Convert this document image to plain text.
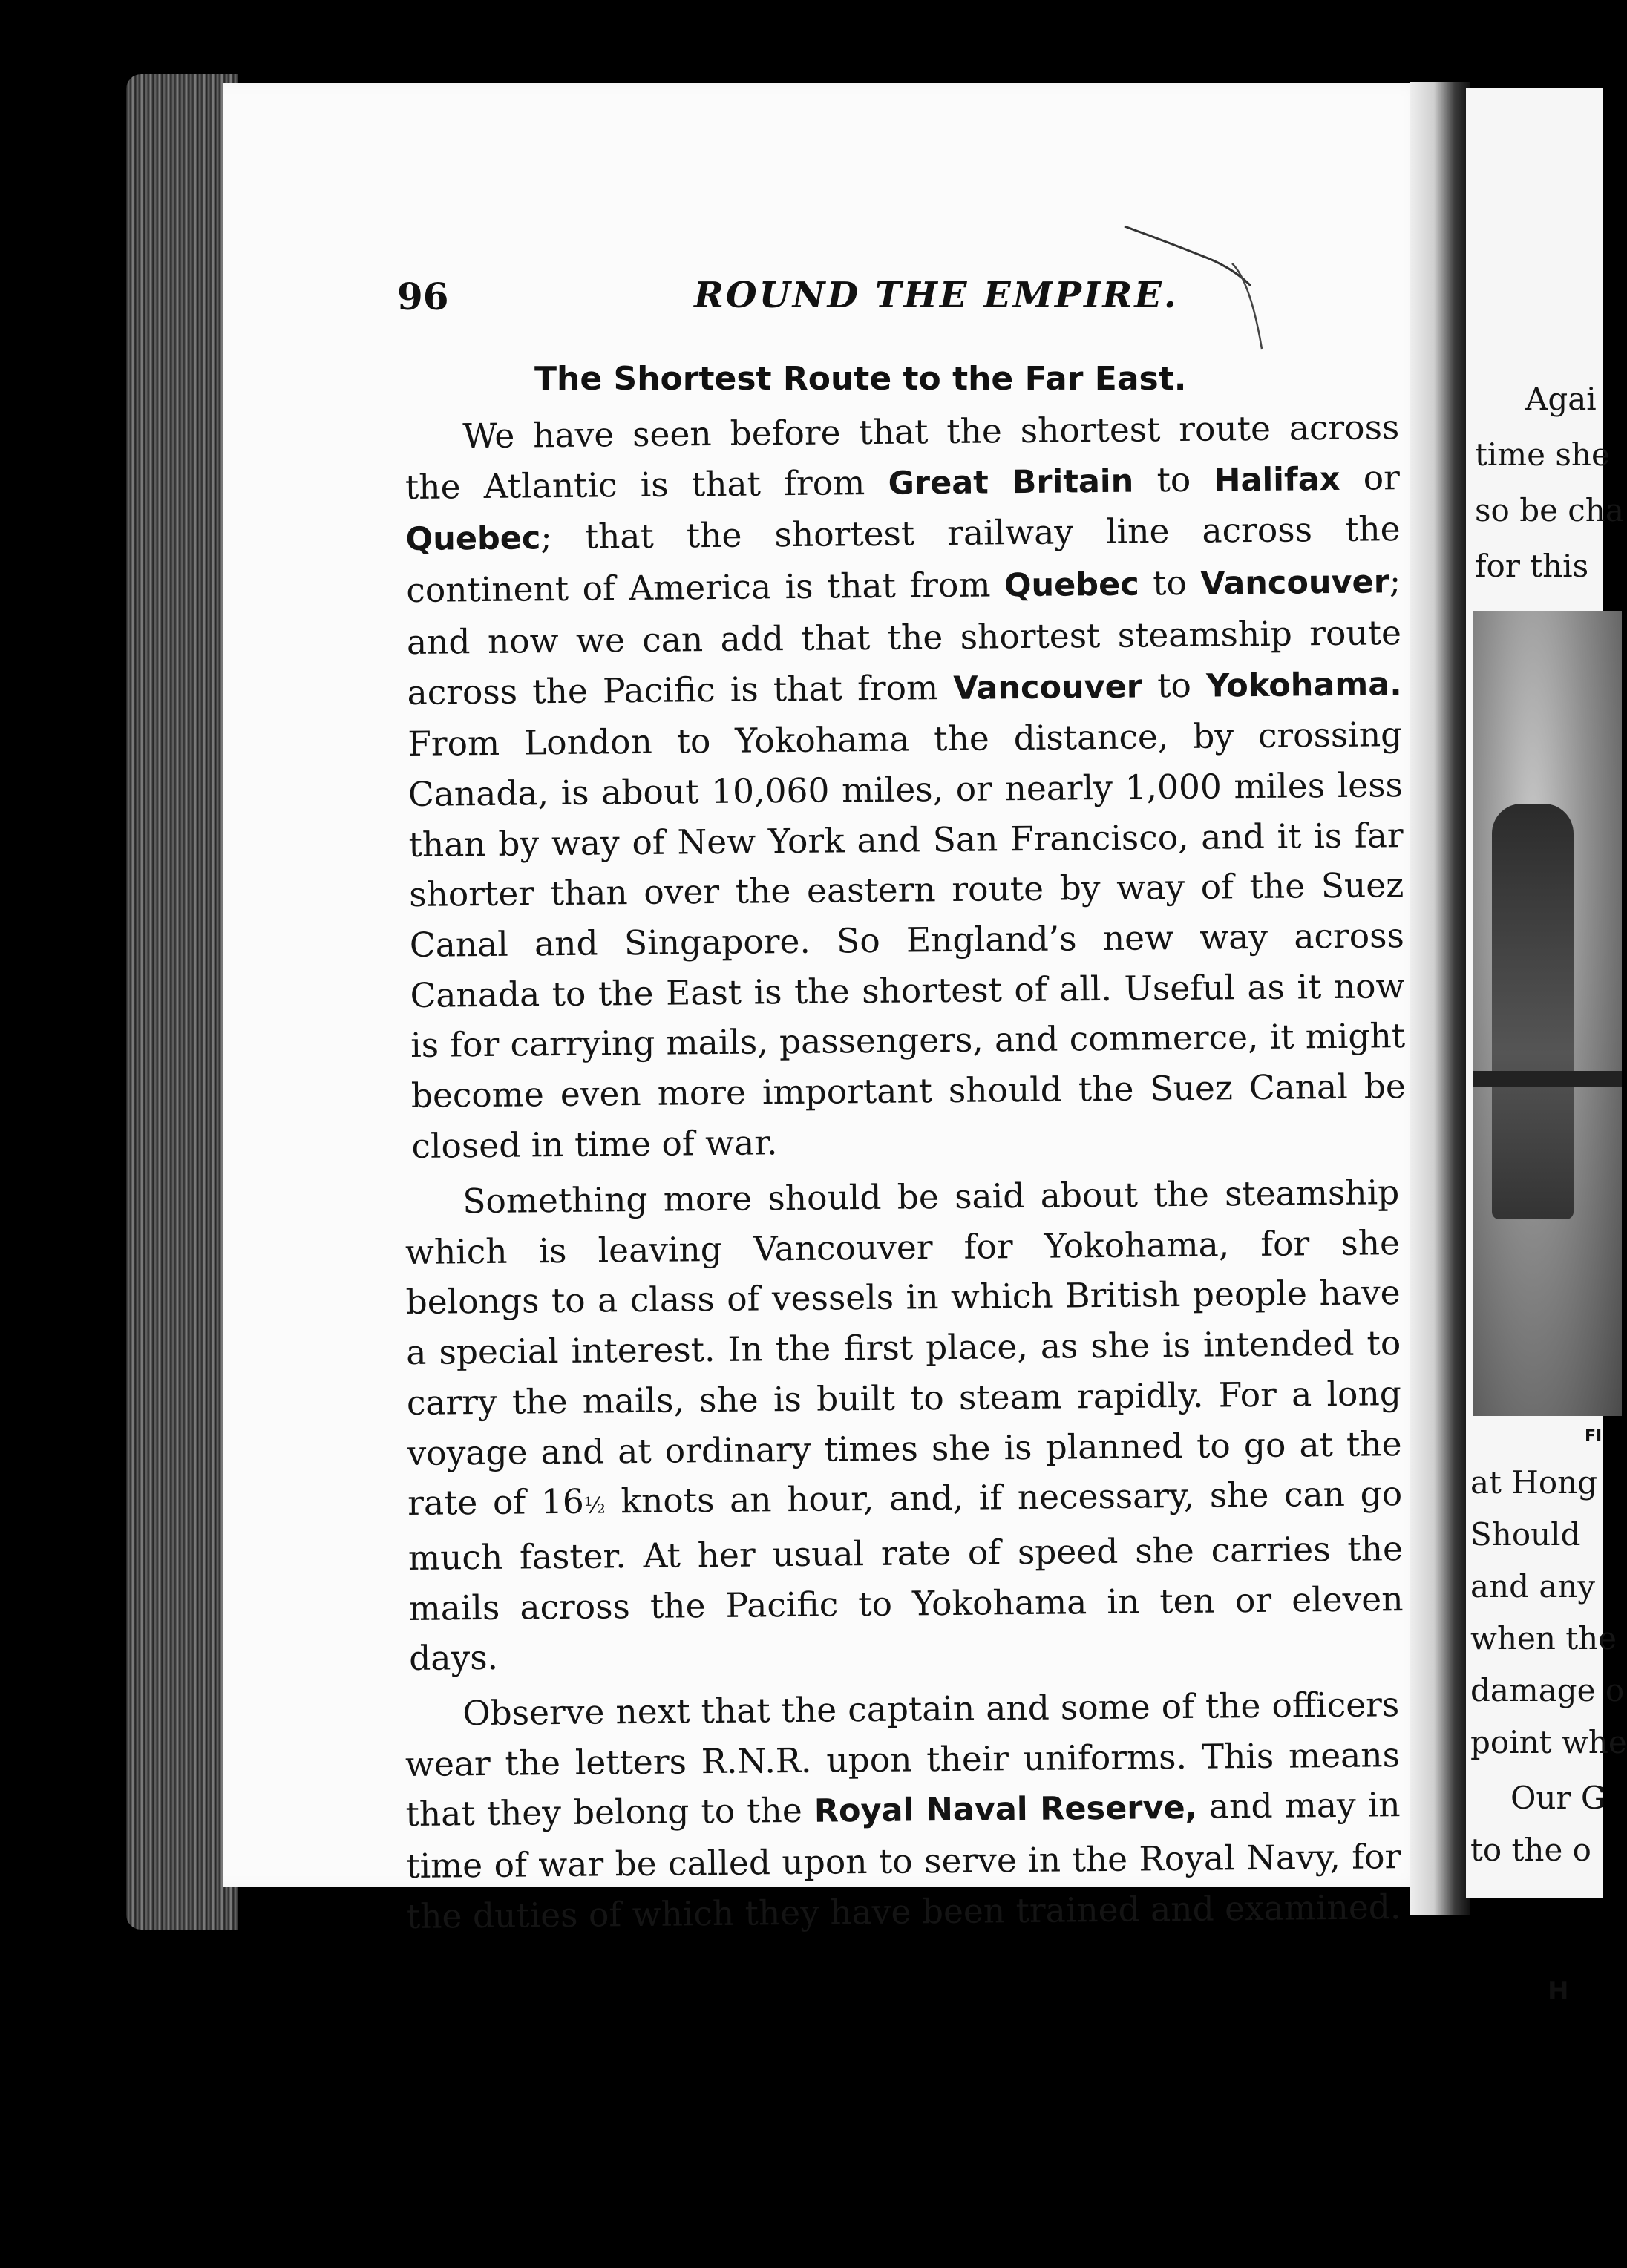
96	ROUND THE EMPIRE.
The Shortest Route to the Far East.

We have seen before that the shortest route across the Atlantic is that from Great Britain to Halifax or Quebec; that the shortest railway line across the continent of America is that from Quebec to Vancouver; and now we can add that the shortest steamship route across the Pacific is that from Vancouver to Yokohama. From London to Yokohama the distance, by crossing Canada, is about 10,060 miles, or nearly 1,000 miles less than by way of New York and San Francisco, and it is far shorter than over the eastern route by way of the Suez Canal and Singapore. So England’s new way across Canada to the East is the shortest of all. Useful as it now is for carrying mails, passengers, and commerce, it might become even more important should the Suez Canal be closed in time of war.

Something more should be said about the steamship which is leaving Vancouver for Yokohama, for she belongs to a class of vessels in which British people have a special interest. In the first place, as she is intended to carry the mails, she is built to steam rapidly. For a long voyage and at ordinary times she is planned to go at the rate of 16½ knots an hour, and, if necessary, she can go much faster. At her usual rate of speed she carries the mails across the Pacific to Yokohama in ten or eleven days.

Observe next that the captain and some of the officers wear the letters R.N.R. upon their uniforms. This means that they belong to the Royal Naval Reserve, and may in time of war be called upon to serve in the Royal Navy, for the duties of which they have been trained and examined.

Agai
time she
so be cha
for this
FI
at Hong
Should
and any
when the
damage o
point whe
Our G
to the o
H
